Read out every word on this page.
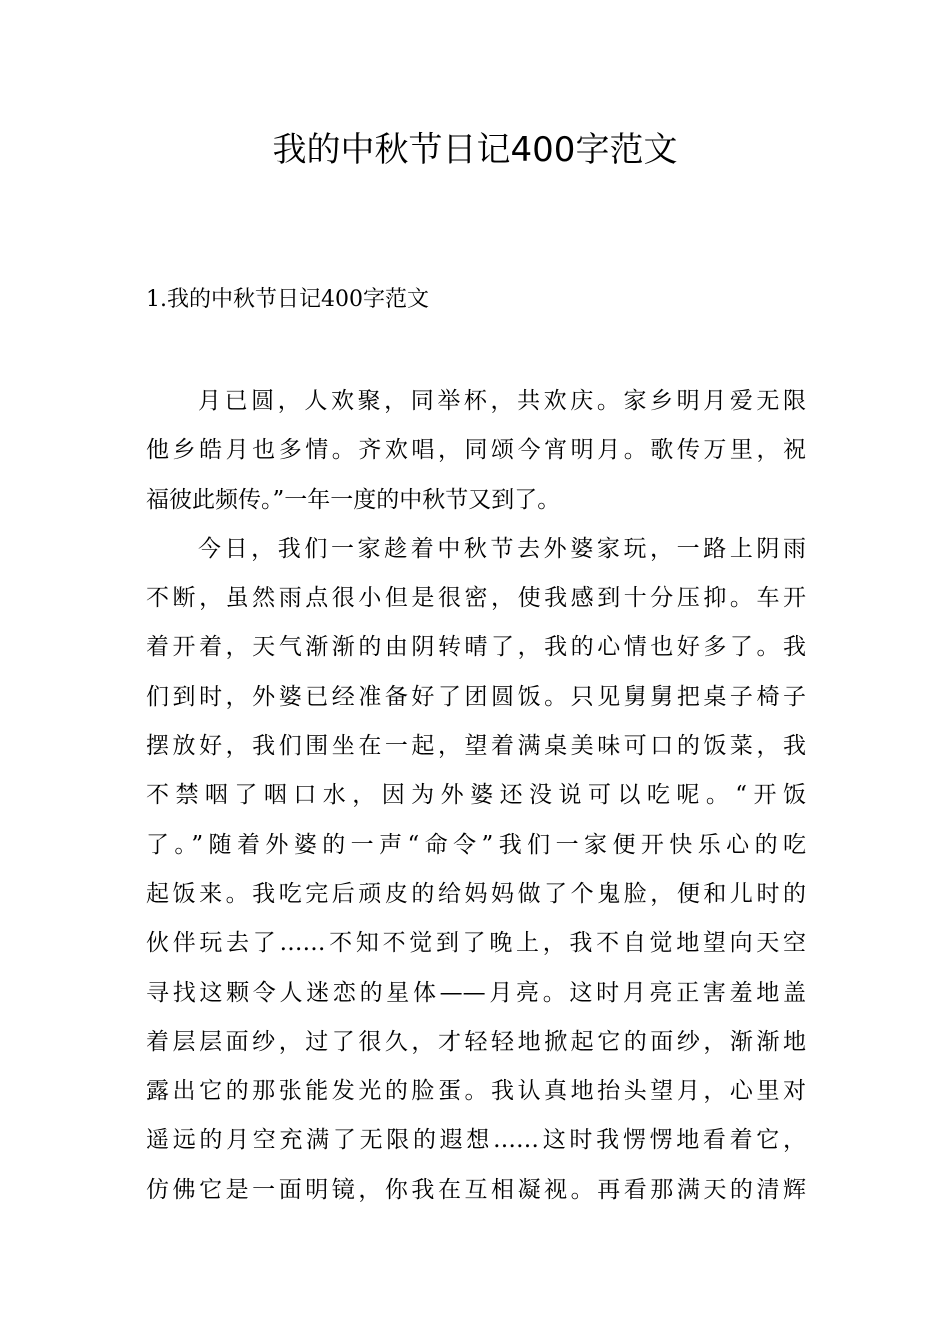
我的中秋节日记400字范文
1.我的中秋节日记400字范文
月已圆，人欢聚，同举杯，共欢庆。家乡明月爱无限
他乡皓月也多情。齐欢唱，同颂今宵明月。歌传万里，祝
福彼此频传。”一年一度的中秋节又到了。
今日，我们一家趁着中秋节去外婆家玩，一路上阴雨
不断，虽然雨点很小但是很密，使我感到十分压抑。车开
着开着，天气渐渐的由阴转晴了，我的心情也好多了。我
们到时，外婆已经准备好了团圆饭。只见舅舅把桌子椅子
摆放好，我们围坐在一起，望着满桌美味可口的饭菜，我
不禁咽了咽口水，因为外婆还没说可以吃呢。“开饭
了。”随着外婆的一声“命令”我们一家便开快乐心的吃
起饭来。我吃完后顽皮的给妈妈做了个鬼脸，便和儿时的
伙伴玩去了……不知不觉到了晚上，我不自觉地望向天空
寻找这颗令人迷恋的星体——月亮。这时月亮正害羞地盖
着层层面纱，过了很久，才轻轻地掀起它的面纱，渐渐地
露出它的那张能发光的脸蛋。我认真地抬头望月，心里对
遥远的月空充满了无限的遐想……这时我愣愣地看着它，
仿佛它是一面明镜，你我在互相凝视。再看那满天的清辉
